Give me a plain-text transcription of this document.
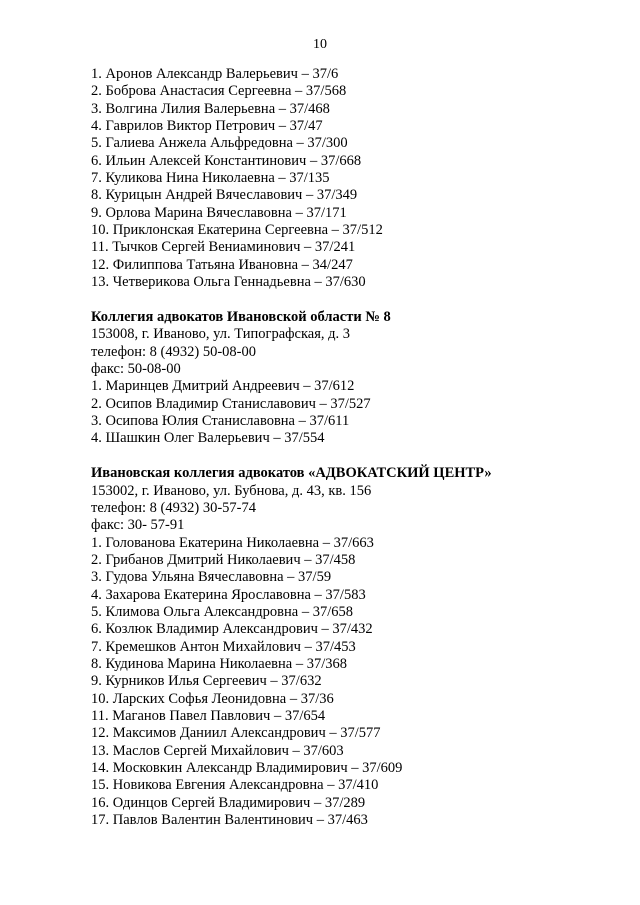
10
1. Аронов Александр Валерьевич – 37/6
2. Боброва Анастасия Сергеевна – 37/568
3. Волгина Лилия Валерьевна – 37/468
4. Гаврилов Виктор Петрович – 37/47
5. Галиева Анжела Альфредовна – 37/300
6. Ильин Алексей Константинович – 37/668
7. Куликова Нина Николаевна – 37/135
8. Курицын Андрей Вячеславович – 37/349
9. Орлова Марина Вячеславовна – 37/171
10. Приклонская Екатерина Сергеевна – 37/512
11. Тычков Сергей Вениаминович – 37/241
12. Филиппова Татьяна Ивановна – 34/247
13. Четверикова Ольга Геннадьевна – 37/630
Коллегия адвокатов Ивановской области № 8
153008, г. Иваново, ул. Типографская, д. 3
телефон: 8 (4932) 50-08-00
факс: 50-08-00
1. Маринцев Дмитрий Андреевич – 37/612
2. Осипов Владимир Станиславович – 37/527
3. Осипова Юлия Станиславовна – 37/611
4. Шашкин Олег Валерьевич – 37/554
Ивановская коллегия адвокатов «АДВОКАТСКИЙ ЦЕНТР»
153002, г. Иваново, ул. Бубнова, д. 43, кв. 156
телефон: 8 (4932) 30-57-74
факс: 30- 57-91
1. Голованова Екатерина Николаевна – 37/663
2. Грибанов Дмитрий Николаевич – 37/458
3. Гудова Ульяна Вячеславовна – 37/59
4. Захарова Екатерина Ярославовна – 37/583
5. Климова Ольга Александровна – 37/658
6. Козлюк Владимир Александрович – 37/432
7. Кремешков Антон Михайлович – 37/453
8. Кудинова Марина Николаевна – 37/368
9. Курников Илья Сергеевич – 37/632
10. Ларских Софья Леонидовна – 37/36
11. Маганов Павел Павлович – 37/654
12. Максимов Даниил Александрович – 37/577
13. Маслов Сергей Михайлович – 37/603
14. Московкин Александр Владимирович – 37/609
15. Новикова Евгения Александровна – 37/410
16. Одинцов Сергей Владимирович – 37/289
17. Павлов Валентин Валентинович – 37/463
